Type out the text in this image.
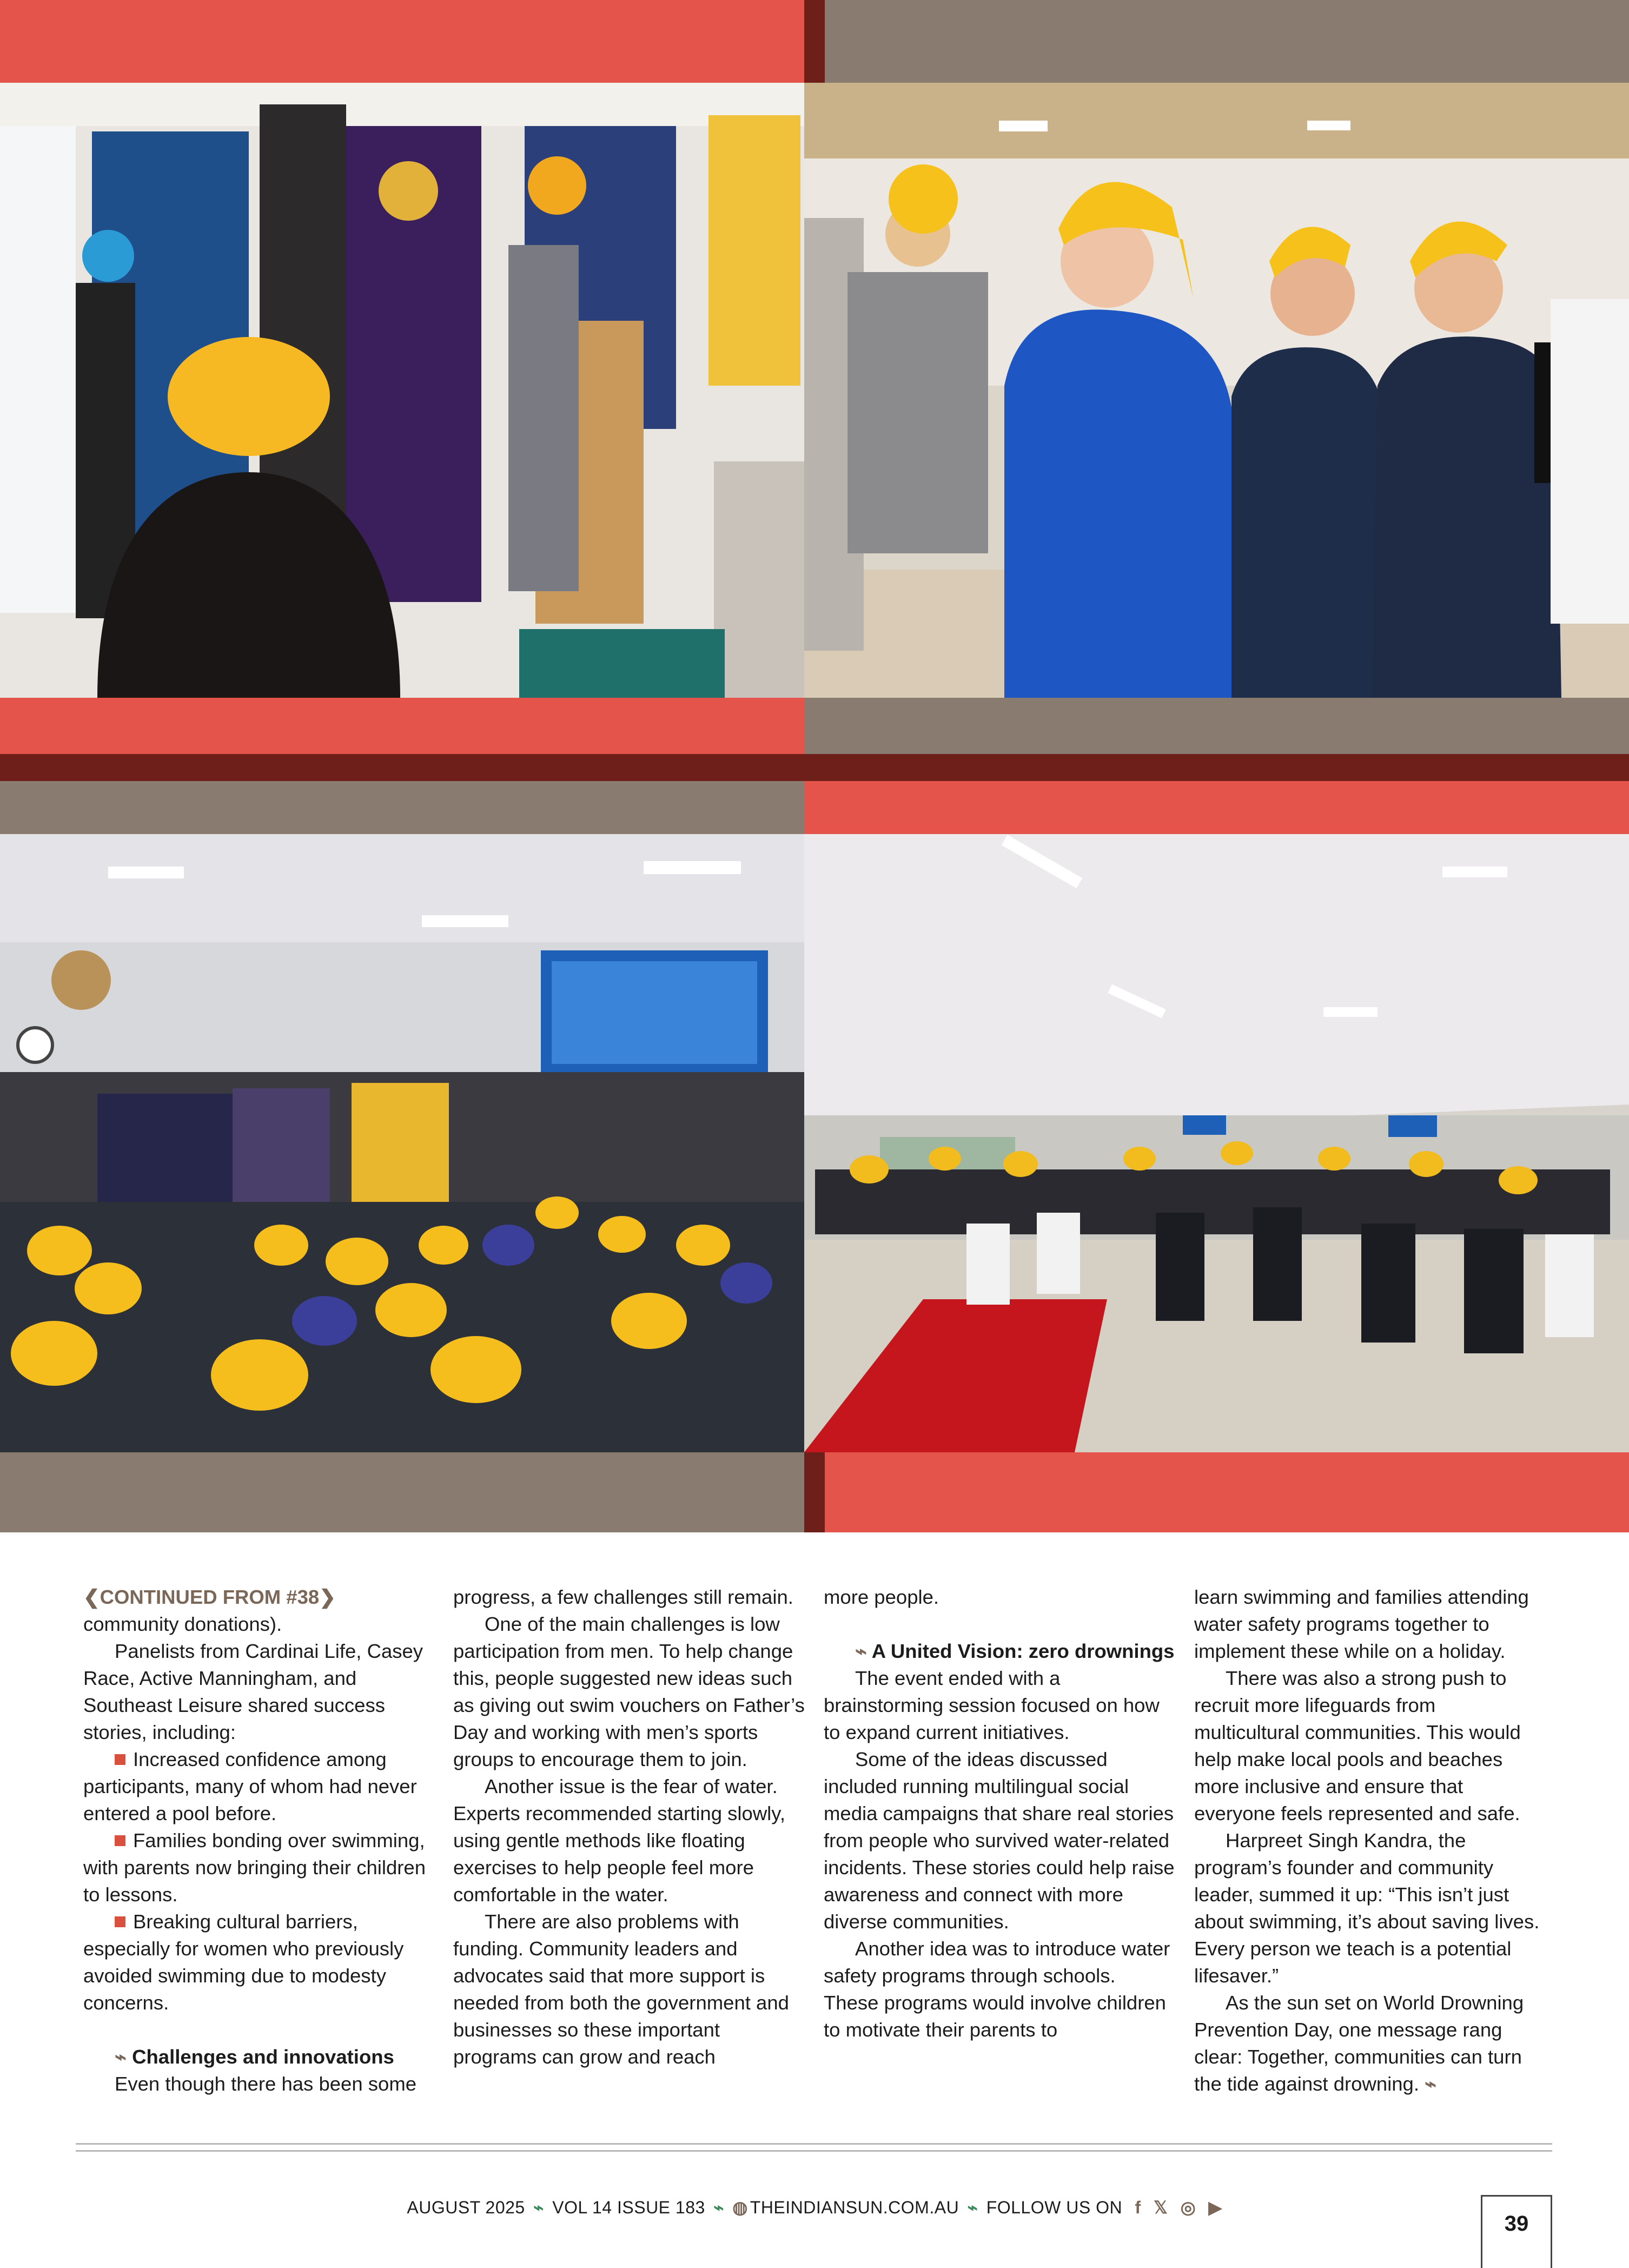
❮CONTINUED FROM #38❯

community donations).

Panelists from Cardinai Life, Casey Race, Active Manningham, and Southeast Leisure shared success stories, including:

Increased confidence among participants, many of whom had never entered a pool before.

Families bonding over swimming, with parents now bringing their children to lessons.

Breaking cultural barriers, especially for women who previously avoided swimming due to modesty concerns.

⌁ Challenges and innovations

Even though there has been some

progress, a few challenges still remain.

One of the main challenges is low participation from men. To help change this, people suggested new ideas such as giving out swim vouchers on Father’s Day and working with men’s sports groups to encourage them to join.

Another issue is the fear of water. Experts recommended starting slowly, using gentle methods like floating exercises to help people feel more comfortable in the water.

There are also problems with funding. Community leaders and advocates said that more support is needed from both the government and businesses so these important programs can grow and reach

more people.

⌁ A United Vision: zero drownings

The event ended with a brainstorming session focused on how to expand current initiatives.

Some of the ideas discussed included running multilingual social media campaigns that share real stories from people who survived water-related incidents. These stories could help raise awareness and connect with more diverse communities.

Another idea was to introduce water safety programs through schools. These programs would involve children to motivate their parents to

learn swimming and families attending water safety programs together to implement these while on a holiday.

There was also a strong push to recruit more lifeguards from multicultural communities. This would help make local pools and beaches more inclusive and ensure that everyone feels represented and safe.

Harpreet Singh Kandra, the program’s founder and community leader, summed it up: “This isn’t just about swimming, it’s about saving lives. Every person we teach is a potential lifesaver.”

As the sun set on World Drowning Prevention Day, one message rang clear: Together, communities can turn the tide against drowning. ⌁

AUGUST 2025 ⌁ VOL 14 ISSUE 183 ⌁ ◍ THEINDIANSUN.COM.AU ⌁ FOLLOW US ON f 𝕏 ◎ ▶
39
